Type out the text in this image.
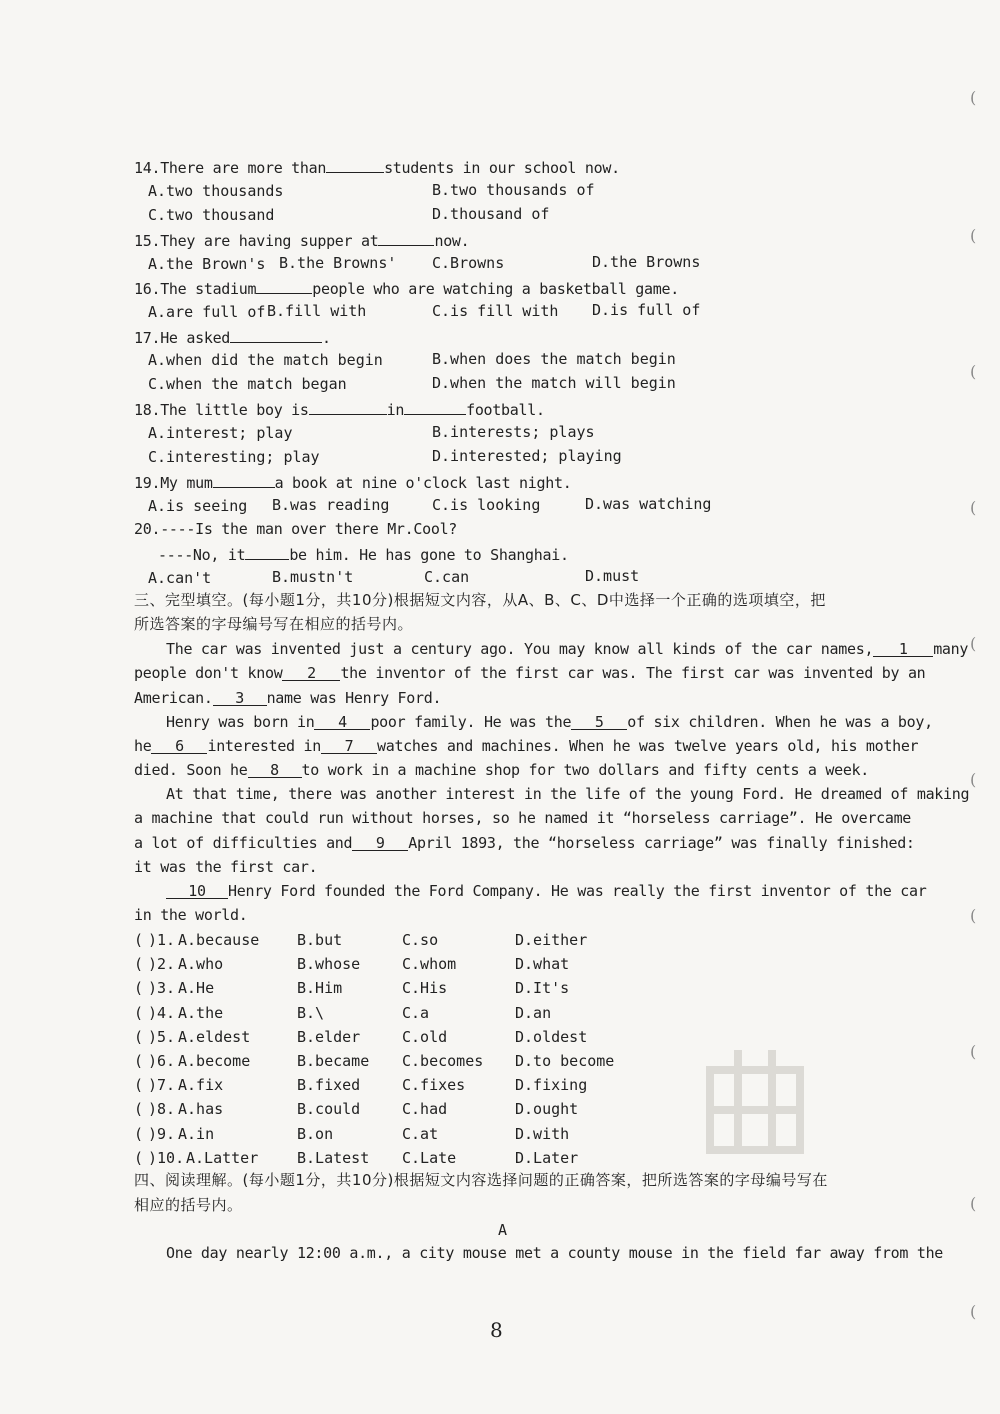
14.There are more than	students in our school now.
A.two thousands	B.two thousands of
C.two thousand	D.thousand of
15.They are having supper at	now.
A.the Brown's B.the Browns' C.Browns	D.the Browns
16.The stadium	people who are watching a basketball game.
A.are full of B.fill with	C.is fill with D.is full of
17.He asked	.
A.when did the match begin	B.when does the match begin
C.when the match began	D.when the match will begin
18.The little boy is	in	football.
A.interest; play	B.interests; plays
C.interesting; play	D.interested; playing
19.My mum	a book at nine o'clock last night.
A.is seeing B.was reading	C.is looking	D.was watching
20.----Is the man over there Mr.Cool?
----No, it	be him. He has gone to Shanghai.
A.can't	B.mustn't	C.can	D.must
三、完型填空。(每小题1分，共10分)根据短文内容，从A、B、C、D中选择一个正确的选项填空，把
所选答案的字母编号写在相应的括号内。
The car was invented just a century ago. You may know all kinds of the car names, 1 many
people don't know 2 the inventor of the first car was. The first car was invented by an
American. 3 name was Henry Ford.
Henry was born in 4 poor family. He was the 5 of six children. When he was a boy,
he 6 interested in 7 watches and machines. When he was twelve years old, his mother
died. Soon he 8 to work in a machine shop for two dollars and fifty cents a week.
At that time, there was another interest in the life of the young Ford. He dreamed of making
a machine that could run without horses, so he named it “horseless carriage”. He overcame
a lot of difficulties and 9 April 1893, the “horseless carriage” was finally finished:
it was the first car.
10 Henry Ford founded the Ford Company. He was really the first inventor of the car
in the world.
( )1. A.because	B.but	C.so	D.either
( )2. A.who	B.whose	C.whom	D.what
( )3. A.He	B.Him	C.His	D.It's
( )4. A.the	B.\	C.a	D.an
( )5. A.eldest	B.elder	C.old	D.oldest
( )6. A.become	B.became C.becomes D.to become
( )7. A.fix	B.fixed	C.fixes	D.fixing
( )8. A.has	B.could	C.had	D.ought
( )9. A.in	B.on	C.at	D.with
( )10. A.Latter	B.Latest C.Late	D.Later
四、阅读理解。(每小题1分，共10分)根据短文内容选择问题的正确答案，把所选答案的字母编号写在
相应的括号内。
A
One day nearly 12:00 a.m., a city mouse met a county mouse in the field far away from the
(
(
(
(
(
(
(
(
(
(
8
